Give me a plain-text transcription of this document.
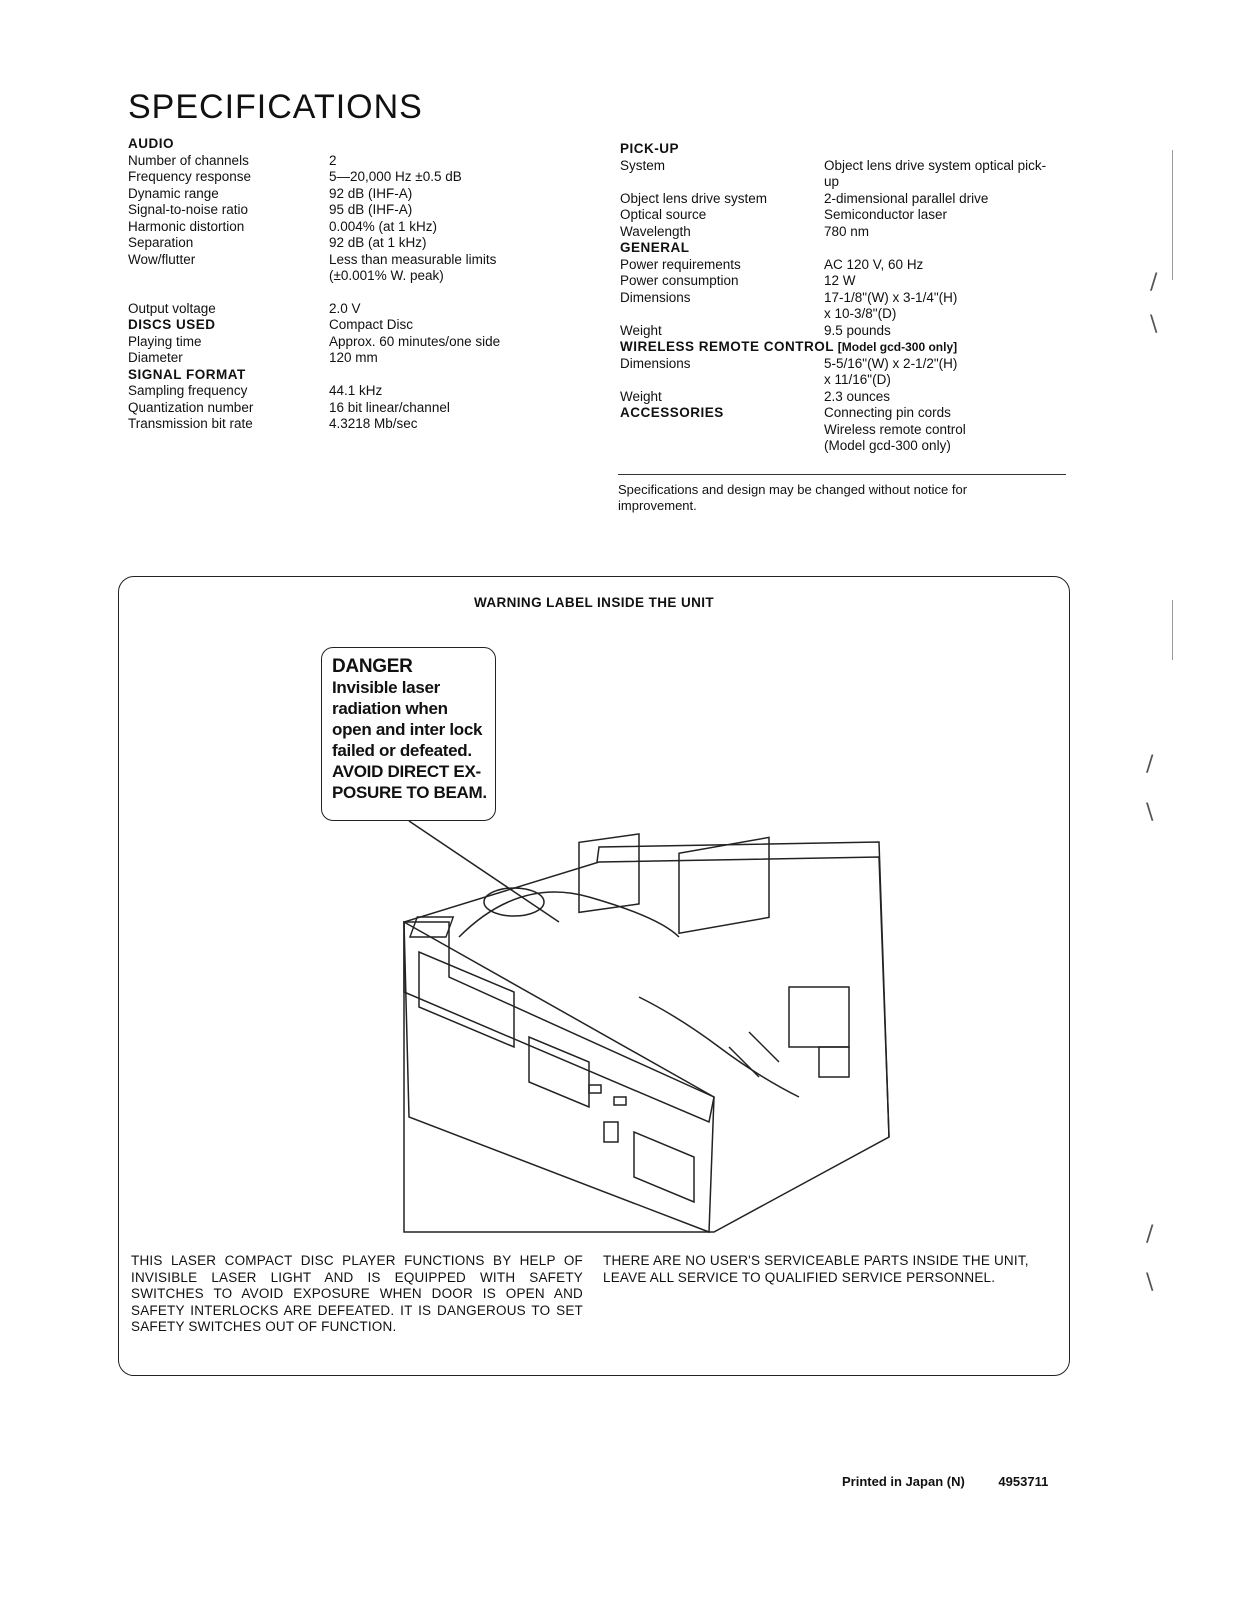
SPECIFICATIONS
AUDIO
Number of channels	2
Frequency response	5—20,000 Hz ±0.5 dB
Dynamic range	92 dB (IHF-A)
Signal-to-noise ratio	95 dB (IHF-A)
Harmonic distortion	0.004% (at 1 kHz)
Separation	92 dB (at 1 kHz)
Wow/flutter	Less than measurable limits
(±0.001% W. peak)
Output voltage	2.0 V
DISCS USED	Compact Disc
Playing time	Approx. 60 minutes/one side
Diameter	120 mm
SIGNAL FORMAT
Sampling frequency	44.1 kHz
Quantization number	16 bit linear/channel
Transmission bit rate	4.3218 Mb/sec
PICK-UP
System	Object lens drive system optical pick-
up
Object lens drive system	2-dimensional parallel drive
Optical source	Semiconductor laser
Wavelength	780 nm
GENERAL
Power requirements	AC 120 V, 60 Hz
Power consumption	12 W
Dimensions	17-1/8"(W) x 3-1/4"(H)
x 10-3/8"(D)
Weight	9.5 pounds
WIRELESS REMOTE CONTROL [Model gcd-300 only]
Dimensions	5-5/16"(W) x 2-1/2"(H)
x 11/16"(D)
Weight	2.3 ounces
ACCESSORIES	Connecting pin cords
Wireless remote control
(Model gcd-300 only)
Specifications and design may be changed without notice for improvement.
WARNING LABEL INSIDE THE UNIT
DANGER
Invisible laser
radiation when
open and inter lock
failed or defeated.
AVOID DIRECT EX-
POSURE TO BEAM.
THIS LASER COMPACT DISC PLAYER FUNCTIONS BY HELP OF INVISIBLE LASER LIGHT AND IS EQUIPPED WITH SAFETY SWITCHES TO AVOID EXPOSURE WHEN DOOR IS OPEN AND SAFETY INTERLOCKS ARE DEFEATED. IT IS DANGEROUS TO SET SAFETY SWITCHES OUT OF FUNCTION.
THERE ARE NO USER'S SERVICEABLE PARTS INSIDE THE UNIT, LEAVE ALL SERVICE TO QUALIFIED SERVICE PERSONNEL.
/
\
/
\
/
\
Printed in Japan (N)	4953711
